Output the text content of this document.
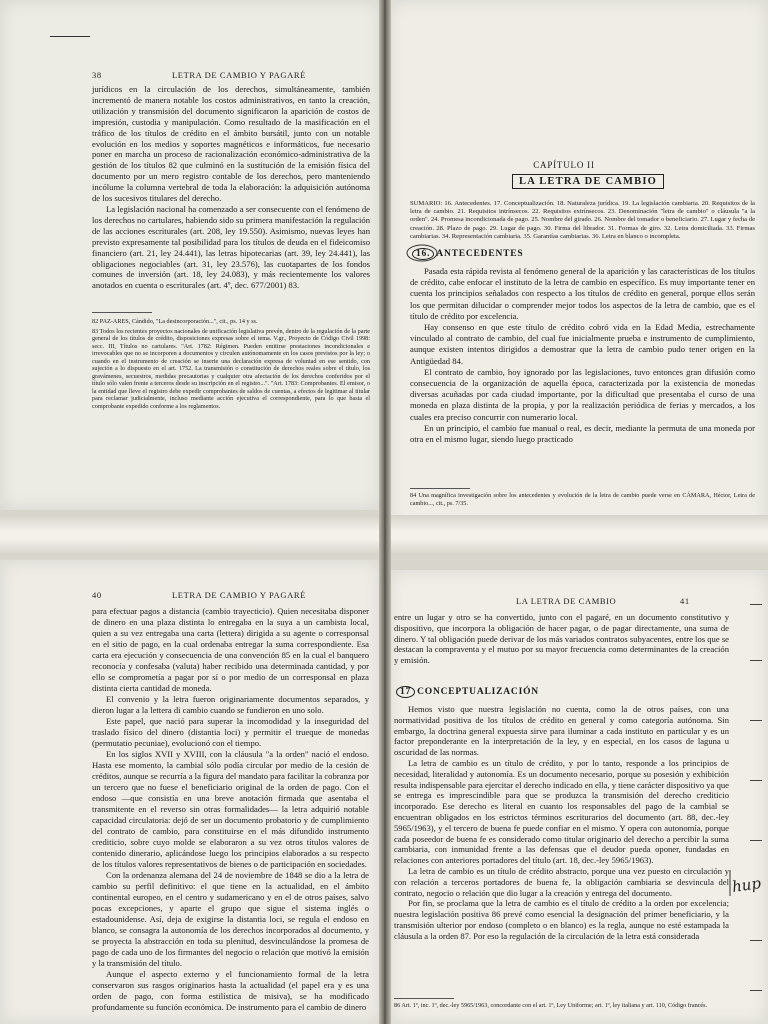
38	LETRA DE CAMBIO Y PAGARÉ

jurídicos en la circulación de los derechos, simultáneamente, también incrementó de manera notable los costos administrativos, en tanto la creación, utilización y transmisión del documento significaron la aparición de costos de impresión, custodia y manipulación. Como resultado de la masificación en el tráfico de los títulos de crédito en el ámbito bursátil, junto con un notable evolución en los medios y soportes magnéticos e informáticos, fue necesario poner en marcha un proceso de racionalización económico-administrativa de la gestión de los títulos 82 que culminó en la sustitución de la emisión física del documento por un mero registro contable de los derechos, pero manteniendo incólume la columna vertebral de toda la elaboración: la adquisición autónoma de los sucesivos titulares del derecho.

La legislación nacional ha comenzado a ser consecuente con el fenómeno de los derechos no cartulares, habiendo sido su primera manifestación la regulación de las acciones escriturales (art. 208, ley 19.550). Asimismo, nuevas leyes han previsto expresamente tal posibilidad para los títulos de deuda en el fideicomiso financiero (art. 21, ley 24.441), las letras hipotecarias (art. 39, ley 24.441), las obligaciones negociables (art. 31, ley 23.576), las cuotapartes de los fondos comunes de inversión (art. 18, ley 24.083), y más recientemente los valores anotados en cuenta o escriturales (art. 4º, dec. 677/2001) 83.

82 PAZ-ARES, Cándido, "La desincorporación...", cit., ps. 14 y ss.

83 Todos los recientes proyectos nacionales de unificación legislativa prevén, dentro de la regulación de la parte general de los títulos de crédito, disposiciones expresas sobre el tema. V.gr., Proyecto de Código Civil 1998: secc. III, Títulos no cartulares. "Art. 1782: Régimen. Pueden emitirse prestaciones incondicionales e irrevocables que no se incorporen a documentos y circulen autónomamente en los casos previstos por la ley; o cuando en el instrumento de creación se inserte una declaración expresa de voluntad en ese sentido, con sujeción a lo dispuesto en el art. 1752. La transmisión o constitución de derechos reales sobre el título, los gravámenes, secuestros, medidas precautorias y cualquier otra afectación de los derechos conferidos por el título sólo valen frente a terceros desde su inscripción en el registro...". "Art. 1783: Comprobantes. El emisor, o la entidad que lleve el registro debe expedir comprobantes de saldos de cuentas, a efectos de legitimar al titular para reclamar judicialmente, incluso mediante acción ejecutiva el correspondiente, para lo que basta el comprobante expedido conforme a los reglamentos.

CAPÍTULO II
LA LETRA DE CAMBIO
SUMARIO: 16. Antecedentes. 17. Conceptualización. 18. Naturaleza jurídica. 19. La legislación cambiaria. 20. Requisitos de la letra de cambio. 21. Requisitos intrínsecos. 22. Requisitos extrínsecos. 23. Denominación "letra de cambio" o cláusula "a la orden". 24. Promesa incondicionada de pago. 25. Nombre del girado. 26. Nombre del tomador o beneficiario. 27. Lugar y fecha de creación. 28. Plazo de pago. 29. Lugar de pago. 30. Firma del librador. 31. Formas de giro. 32. Letra domiciliada. 33. Firmas cambiarias. 34. Representación cambiaria. 35. Garantías cambiarias. 36. Letra en blanco o incompleta.
16. ANTECEDENTES

Pasada esta rápida revista al fenómeno general de la aparición y las características de los títulos de crédito, cabe enfocar el instituto de la letra de cambio en específico. Es muy importante tener en cuenta los principios señalados con respecto a los títulos de crédito en general, porque ellos serán los que permitan dilucidar o comprender mejor todos los aspectos de la letra de cambio, que es el título de crédito por excelencia.

Hay consenso en que este título de crédito cobró vida en la Edad Media, estrechamente vinculado al contrato de cambio, del cual fue inicialmente prueba e instrumento de cumplimiento, aunque existen intentos dirigidos a demostrar que la letra de cambio pudo tener origen en la Antigüedad 84.

El contrato de cambio, hoy ignorado por las legislaciones, tuvo entonces gran difusión como consecuencia de la organización de aquella época, caracterizada por la existencia de monedas diversas acuñadas por cada ciudad importante, por la dificultad que presentaba el curso de una moneda en plaza distinta de la propia, y por la realización periódica de ferias y mercados, a los cuales era preciso concurrir con numerario local.

En un principio, el cambio fue manual o real, es decir, mediante la permuta de una moneda por otra en el mismo lugar, siendo luego practicado

84 Una magnífica investigación sobre los antecedentes y evolución de la letra de cambio puede verse en CÁMARA, Héctor, Letra de cambio..., cit., ps. 7/35.
40	LETRA DE CAMBIO Y PAGARÉ

para efectuar pagos a distancia (cambio trayecticio). Quien necesitaba disponer de dinero en una plaza distinta lo entregaba en la suya a un cambista local, quien a su vez entregaba una carta (lettera) dirigida a su agente o corresponsal en el sitio de pago, en la cual ordenaba entregar la suma correspondiente. Esa carta era ejecución y consecuencia de una convención 85 en la cual el banquero reconocía y confesaba (valuta) haber recibido una determinada cantidad, y por ello se comprometía a pagar por sí o por medio de un corresponsal en plaza distinta cierta cantidad de moneda.

El convenio y la letra fueron originariamente documentos separados, y dieron lugar a la lettera di cambio cuando se fundieron en uno solo.

Este papel, que nació para superar la incomodidad y la inseguridad del traslado físico del dinero (distantia loci) y permitir el trueque de monedas (permutatio pecuniae), evolucionó con el tiempo.

En los siglos XVII y XVIII, con la cláusula "a la orden" nació el endoso. Hasta ese momento, la cambial sólo podía circular por medio de la cesión de créditos, aunque se recurría a la figura del mandato para facilitar la cobranza por un tercero que no fuese el beneficiario original de la orden de pago. Con el endoso —que consistía en una breve anotación firmada que asentaba el transmitente en el reverso sin otras formalidades— la letra adquirió notable capacidad circulatoria: dejó de ser un documento probatorio y de cumplimiento del contrato de cambio, para constituirse en el más difundido instrumento crediticio, sobre cuyo molde se elaboraron a su vez otros títulos valores de contenido dinerario, aplicándose luego los principios elaborados a su respecto de los títulos valores representativos de bienes o de participación en sociedades.

Con la ordenanza alemana del 24 de noviembre de 1848 se dio a la letra de cambio su perfil definitivo: el que tiene en la actualidad, en el ámbito continental europeo, en el centro y sudamericano y en el de otros países, salvo pocas excepciones, y aparte el grupo que sigue el sistema inglés o estadounidense. Así, deja de exigirse la distantia loci, se regula el endoso en blanco, se consagra la autonomía de los derechos incorporados al documento, y se proyecta la abstracción en toda su plenitud, desvinculándose la promesa de pago de cada uno de los firmantes del negocio o relación que motivó la emisión y la transmisión del título.

Aunque el aspecto externo y el funcionamiento formal de la letra conservaron sus rasgos originarios hasta la actualidad (el papel era y es una orden de pago, con forma estilística de misiva), se ha modificado profundamente su función económica. De instrumento para el cambio de dinero

LA LETRA DE CAMBIO	41

entre un lugar y otro se ha convertido, junto con el pagaré, en un documento constitutivo y dispositivo, que incorpora la obligación de hacer pagar, o de pagar directamente, una suma de dinero. Y tal obligación puede derivar de los más variados contratos subyacentes, entre los que se destacan la compraventa y el mutuo por su mayor frecuencia como determinantes de la creación y emisión.

17 CONCEPTUALIZACIÓN

Hemos visto que nuestra legislación no cuenta, como la de otros países, con una normatividad positiva de los títulos de crédito en general y como categoría autónoma. Sin embargo, la doctrina general expuesta sirve para iluminar a cada instituto en particular y es un factor preponderante en la interpretación de la ley, y en especial, en los casos de laguna u oscuridad de las normas.

La letra de cambio es un título de crédito, y por lo tanto, responde a los principios de necesidad, literalidad y autonomía. Es un documento necesario, porque su posesión y exhibición resulta indispensable para ejercitar el derecho indicado en ella, y tiene carácter dispositivo ya que se entrega es imprescindible para que se produzca la transmisión del derecho crediticio incorporado. Ese derecho es literal en cuanto los responsables del pago de la cambial se encuentran obligados en los estrictos términos escriturarios del documento (art. 88, dec.-ley 5965/1963), y el tercero de buena fe puede confiar en el mismo. Y opera con autonomía, porque cada poseedor de buena fe es considerado como titular originario del derecho a percibir la suma cambiaria, con inmunidad frente a las defensas que el deudor pueda oponer, fundadas en relaciones con anteriores portadores del título (art. 18, dec.-ley 5965/1963).

La letra de cambio es un título de crédito abstracto, porque una vez puesto en circulación y con relación a terceros portadores de buena fe, la obligación cambiaria se desvincula del contrato, negocio o relación que dio lugar a la creación y entrega del documento.

Por fin, se proclama que la letra de cambio es el título de crédito a la orden por excelencia; nuestra legislación positiva 86 prevé como esencial la designación del primer beneficiario, y la transmisión ulterior por endoso (completo o en blanco) es la regla, aunque no esté estampada la cláusula a la orden 87. Por eso la regulación de la circulación de la letra está considerada

86 Art. 1º, inc. 1º, dec.-ley 5965/1963, concordante con el art. 1º, Ley Uniforme; art. 1º, ley italiana y art. 110, Código francés.
hup
